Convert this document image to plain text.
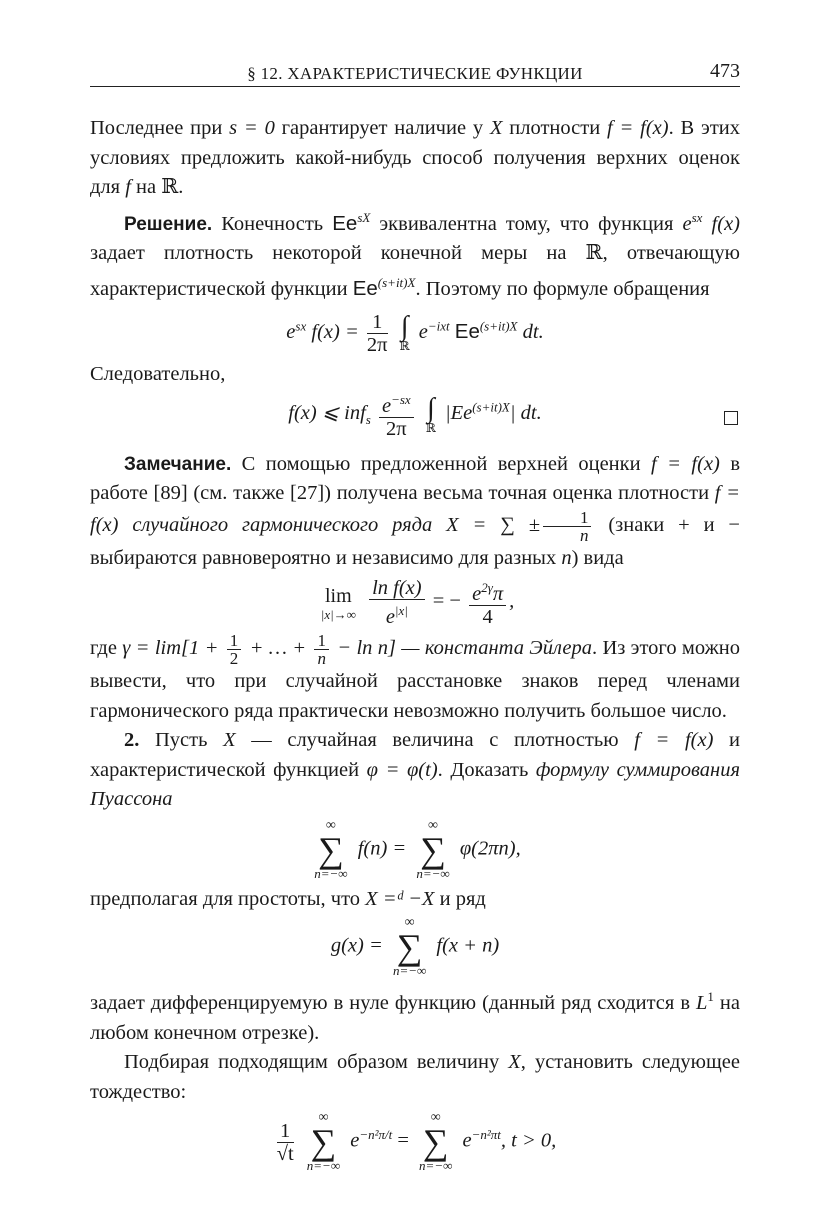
§ 12. ХАРАКТЕРИСТИЧЕСКИЕ ФУНКЦИИ	473

Последнее при s = 0 гарантирует наличие у X плотности f = f(x). В этих условиях предложить какой-нибудь способ получения верхних оценок для f на ℝ.

Решение. Конечность $Ee^{sX}$ эквивалентна тому, что функция $e^{sx}$ f(x) задает плотность некоторой конечной меры на ℝ, отвечающую характеристической функции $Ee^{(s+it)X}$. Поэтому по формуле обращения

$e^{sx}$ $f(x) = \frac{1}{2\pi}$
∫
ℝ
$e^{-ixt}$ $Ee^{(s+it)X}$ dt.

Следовательно,

f(x) ⩽ $inf_s \frac{e^{-sx}}{2\pi}$
∫
ℝ
$|Ee^{(s+it)X}|$ dt.

Замечание. С помощью предложенной верхней оценки f = f(x) в работе [89] (см. также [27]) получена весьма точная оценка плотности f = f(x) случайного гармонического ряда X = ∑ ± $\frac{1}{n}$ (знаки + и − выбираются равновероятно и независимо для разных n) вида

lim
|x|→∞
$\frac{\text{ln f(x)}}{e^{|x|}}$ = − $\frac{e^{2\gamma}\pi}{4}$ ,

где $\gamma = \lim[1 + \frac{1}{2}$ + … + $\frac{1}{n} - \ln n$] — константа Эйлера. Из этого можно вывести, что при случайной расстановке знаков перед членами гармонического ряда практически невозможно получить большое число.

2. Пусть X — случайная величина с плотностью f = f(x) и характеристической функцией φ = φ(t). Доказать формулу суммирования Пуассона

∞
∑
n=−∞
f(n) =
∞
∑
n=−∞
φ(2πn),

предполагая для простоты, что X =ᵈ −X и ряд

g(x) =
∞
∑
n=−∞
f(x + n)

задает дифференцируемую в нуле функцию (данный ряд сходится в $L^1$ на любом конечном отрезке).

Подбирая подходящим образом величину X, установить следующее тождество:

$\frac{1}{√t}$

∞
∑
n=−∞
$e^{-n^2\pi/t}$ =
∞
∑
n=−∞
$e^{-n^2\pi t}$, t > 0,
